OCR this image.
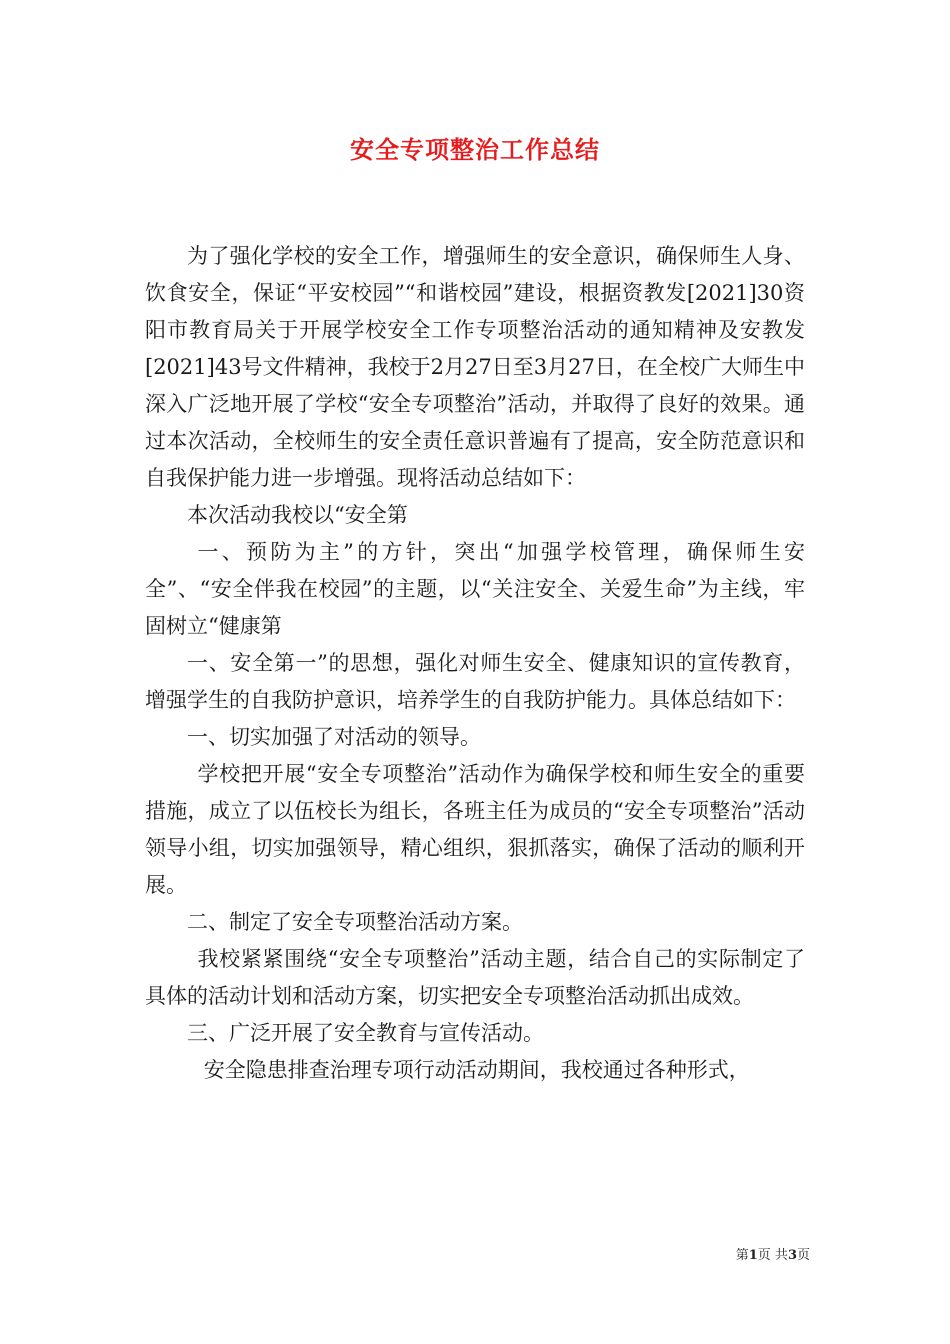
安全专项整治工作总结

为了强化学校的安全工作，增强师生的安全意识，确保师生人身、饮食安全，保证“平安校园”“和谐校园”建设，根据资教发[2021]30资阳市教育局关于开展学校安全工作专项整治活动的通知精神及安教发[2021]43号文件精神，我校于2月27日至3月27日，在全校广大师生中深入广泛地开展了学校“安全专项整治”活动，并取得了良好的效果。通过本次活动，全校师生的安全责任意识普遍有了提高，安全防范意识和自我保护能力进一步增强。现将活动总结如下：

本次活动我校以“安全第

一、预防为主”的方针，突出“加强学校管理，确保师生安全”、“安全伴我在校园”的主题，以“关注安全、关爱生命”为主线，牢固树立“健康第

一、安全第一”的思想，强化对师生安全、健康知识的宣传教育，增强学生的自我防护意识，培养学生的自我防护能力。具体总结如下：

一、切实加强了对活动的领导。

学校把开展“安全专项整治”活动作为确保学校和师生安全的重要措施，成立了以伍校长为组长，各班主任为成员的“安全专项整治”活动领导小组，切实加强领导，精心组织，狠抓落实，确保了活动的顺利开展。

二、制定了安全专项整治活动方案。

我校紧紧围绕“安全专项整治”活动主题，结合自己的实际制定了具体的活动计划和活动方案，切实把安全专项整治活动抓出成效。

三、广泛开展了安全教育与宣传活动。

安全隐患排查治理专项行动活动期间，我校通过各种形式，

第1页 共3页
